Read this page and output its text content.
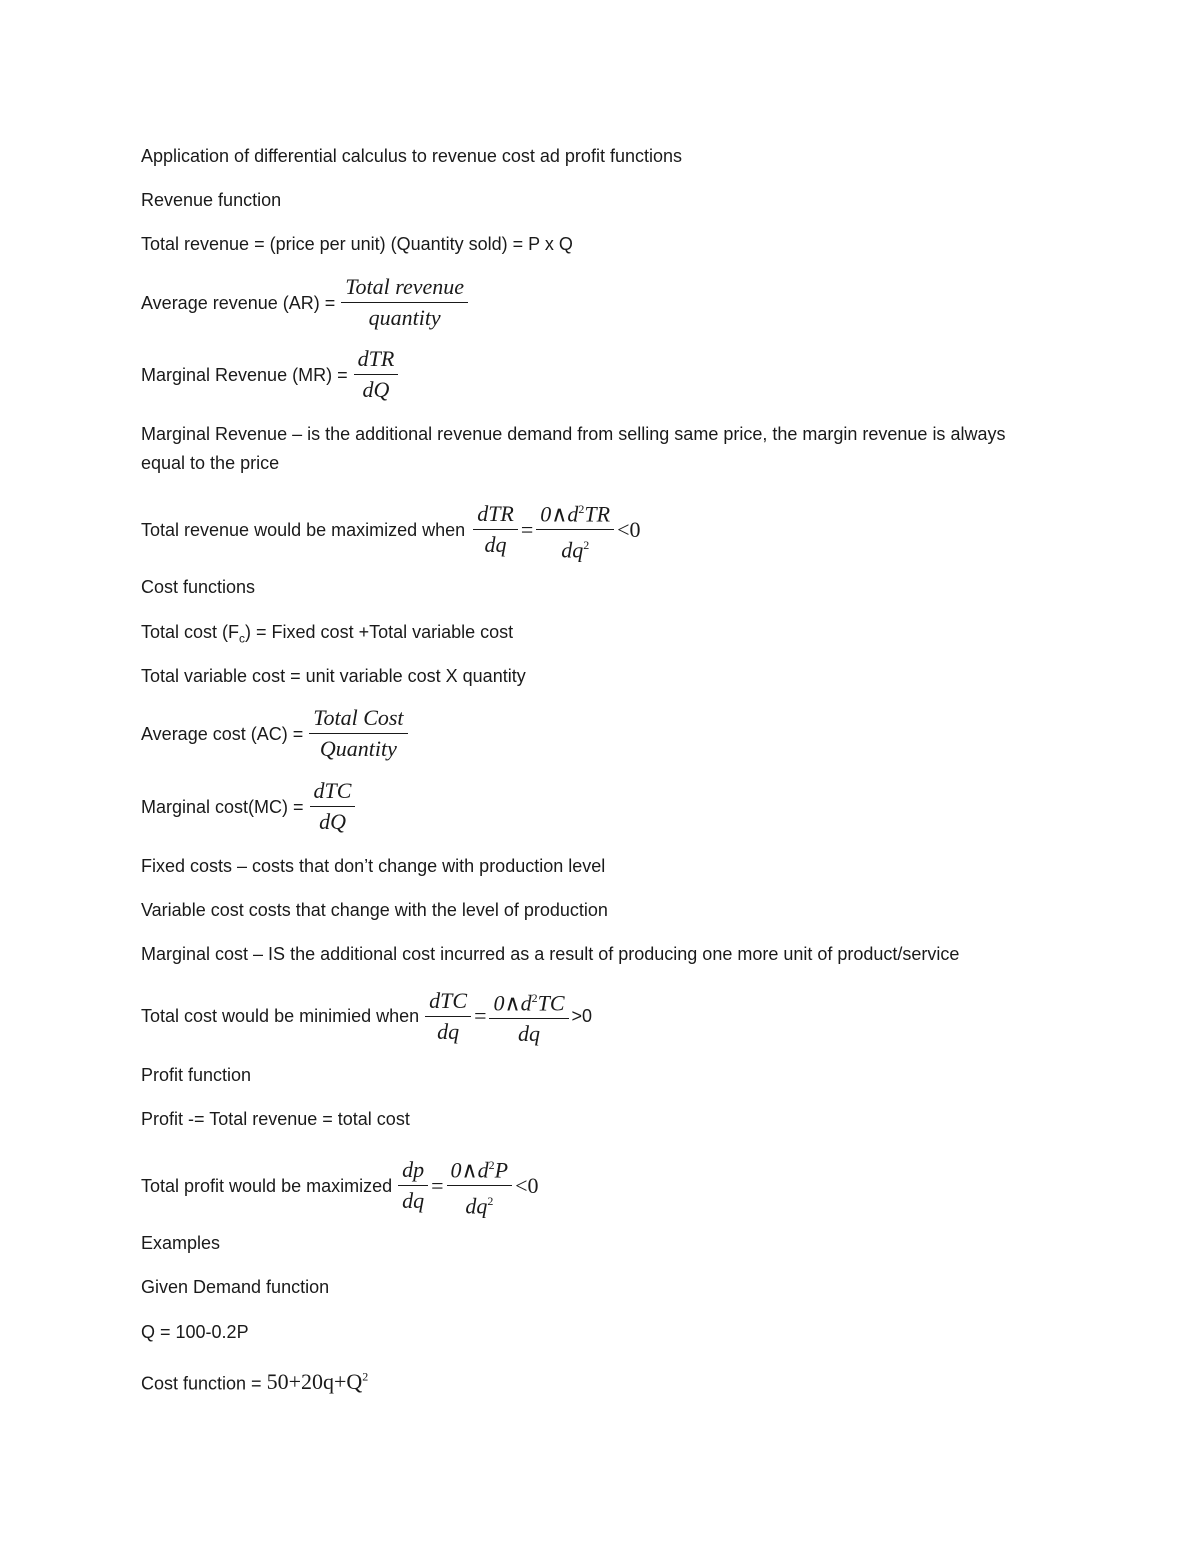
Application of differential calculus to revenue cost ad profit functions
Revenue function
Total revenue = (price per unit) (Quantity sold) = P x Q
Average revenue $(AR) = \frac{\text{Total revenue}}{\text{quantity}}$
Marginal Revenue $(MR) = \frac{\text{dTR}}{dQ}$
Marginal Revenue – is the additional revenue demand from selling same price, the margin revenue is always equal to the price
Total revenue would be maximized when $\frac{\text{dTR}}{dq} = \frac{0\wedge d^2TR}{dq^2} <0$
Cost functions
Total cost $(F_c)$ = Fixed cost +Total variable cost
Total variable cost = unit variable cost X quantity
Average cost $(AC) = \frac{\text{Total Cost}}{\text{Quantity}}$
Marginal $\cos t(MC) = \frac{\text{dTC}}{dQ}$
Fixed costs – costs that don’t change with production level
Variable cost costs that change with the level of production
Marginal cost – IS the additional cost incurred as a result of producing one more unit of product/service
Total cost would be minimied when $\frac{\text{dTC}}{dq} = \frac{0\wedge d^2TC}{dq} >0$
Profit function
Profit -= Total revenue = total cost
Total profit would be maximized $\frac{dp}{dq} = \frac{0\wedge d^2P}{dq^2} <0$
Examples
Given Demand function
Q = 100-0.2P
Cost function = $50+20q+Q^2$
